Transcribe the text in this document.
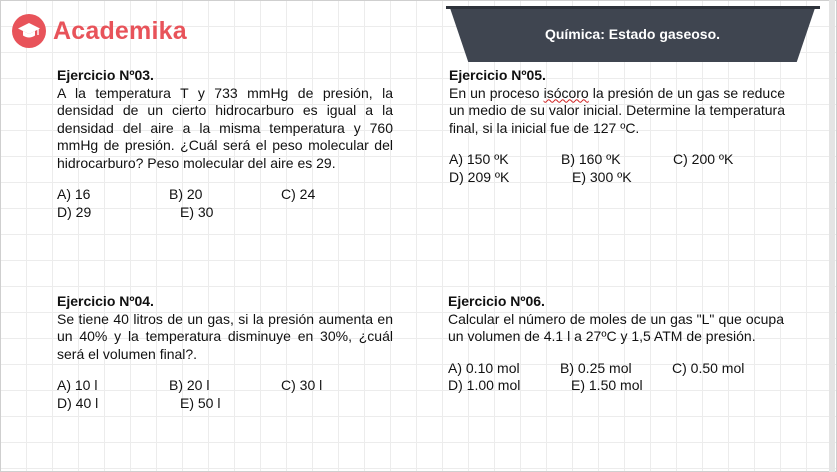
Academika	Química: Estado gaseoso.
Ejercicio Nº03.
A la temperatura T y 733 mmHg de presión, la densidad de un cierto hidrocarburo es igual a la densidad del aire a la misma temperatura y 760 mmHg de presión. ¿Cuál será el peso molecular del hidrocarburo? Peso molecular del aire es 29.
A) 16	B) 20	C) 24
D) 29	E) 30
Ejercicio Nº05.
En un proceso isócoro la presión de un gas se reduce un medio de su valor inicial. Determine la temperatura final, si la inicial fue de 127 ºC.
A) 150 ºK	B) 160 ºK	C) 200 ºK
D) 209 ºK	E) 300 ºK
Ejercicio Nº04.
Se tiene 40 litros de un gas, si la presión aumenta en un 40% y la temperatura disminuye en 30%, ¿cuál será el volumen final?.
A) 10 l	B) 20 l	C) 30 l
D) 40 l	E) 50 l
Ejercicio Nº06.
Calcular el número de moles de un gas "L" que ocupa un volumen de 4.1 l a 27ºC y 1,5 ATM de presión.
A) 0.10 mol	B) 0.25 mol	C) 0.50 mol
D) 1.00 mol	E) 1.50 mol
